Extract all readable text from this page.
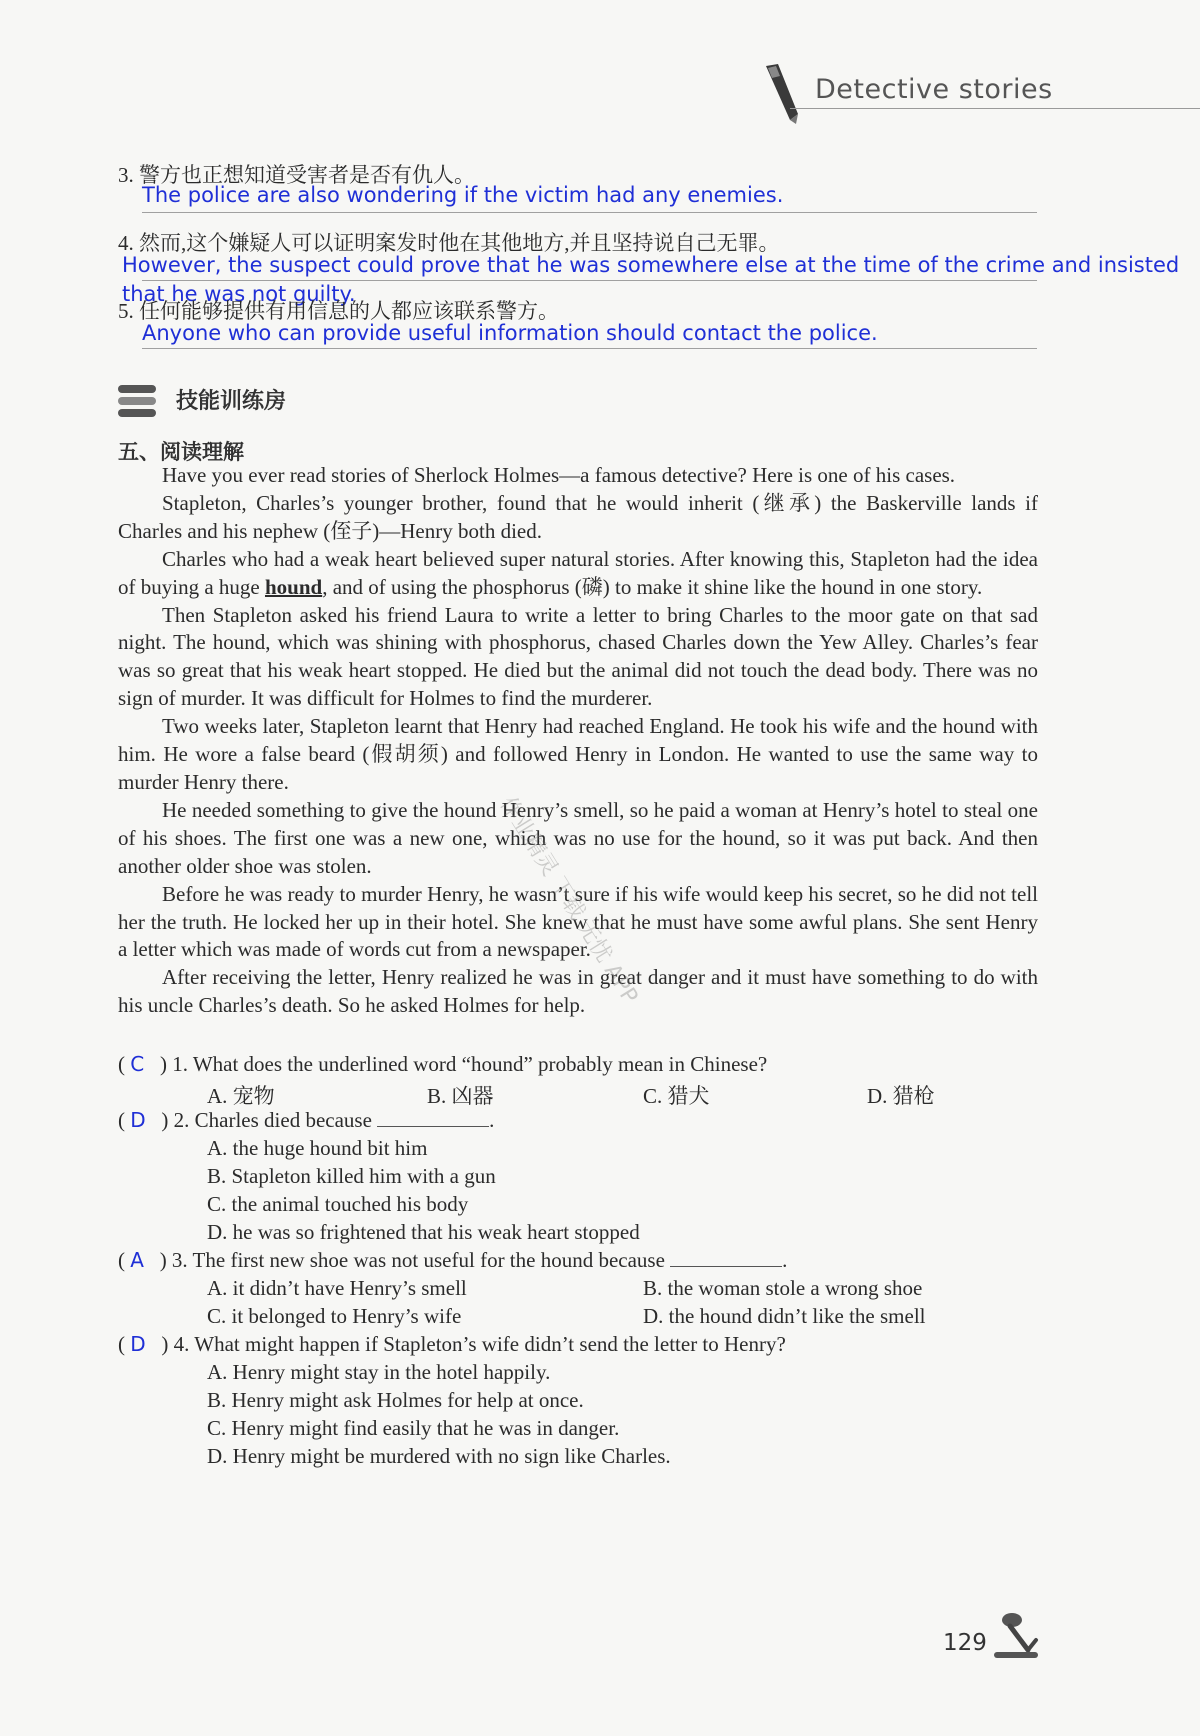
Detective stories
3. 警方也正想知道受害者是否有仇人。
The police are also wondering if the victim had any enemies.
4. 然而,这个嫌疑人可以证明案发时他在其他地方,并且坚持说自己无罪。
However, the suspect could prove that he was somewhere else at the time of the crime and insisted
that he was not guilty.
5. 任何能够提供有用信息的人都应该联系警方。
Anyone who can provide useful information should contact the police.
技能训练房
五、阅读理解

Have you ever read stories of Sherlock Holmes—a famous detective? Here is one of his cases.

Stapleton, Charles’s younger brother, found that he would inherit (继承) the Baskerville lands if Charles and his nephew (侄子)—Henry both died.

Charles who had a weak heart believed super natural stories. After knowing this, Stapleton had the idea of buying a huge hound, and of using the phosphorus (磷) to make it shine like the hound in one story.

Then Stapleton asked his friend Laura to write a letter to bring Charles to the moor gate on that sad night. The hound, which was shining with phosphorus, chased Charles down the Yew Alley. Charles’s fear was so great that his weak heart stopped. He died but the animal did not touch the dead body. There was no sign of murder. It was difficult for Holmes to find the murderer.

Two weeks later, Stapleton learnt that Henry had reached England. He took his wife and the hound with him. He wore a false beard (假胡须) and followed Henry in London. He wanted to use the same way to murder Henry there.

He needed something to give the hound Henry’s smell, so he paid a woman at Henry’s hotel to steal one of his shoes. The first one was a new one, which was no use for the hound, so it was put back. And then another older shoe was stolen.

Before he was ready to murder Henry, he wasn’t sure if his wife would keep his secret, so he did not tell her the truth. He locked her up in their hotel. She knew that he must have some awful plans. She sent Henry a letter which was made of words cut from a newspaper.

After receiving the letter, Henry realized he was in great danger and it must have something to do with his uncle Charles’s death. So he asked Holmes for help.

( C ) 1. What does the underlined word “hound” probably mean in Chinese?
A. 宠物	B. 凶器	C. 猎犬	D. 猎枪
( D ) 2. Charles died because	.
A. the huge hound bit him
B. Stapleton killed him with a gun
C. the animal touched his body
D. he was so frightened that his weak heart stopped
( A ) 3. The first new shoe was not useful for the hound because	.
A. it didn’t have Henry’s smell	B. the woman stole a wrong shoe
C. it belonged to Henry’s wife	D. the hound didn’t like the smell
( D ) 4. What might happen if Stapleton’s wife didn’t send the letter to Henry?
A. Henry might stay in the hotel happily.
B. Henry might ask Holmes for help at once.
C. Henry might find easily that he was in danger.
D. Henry might be murdered with no sign like Charles.
作业精灵 下载 无忧 APP
129
